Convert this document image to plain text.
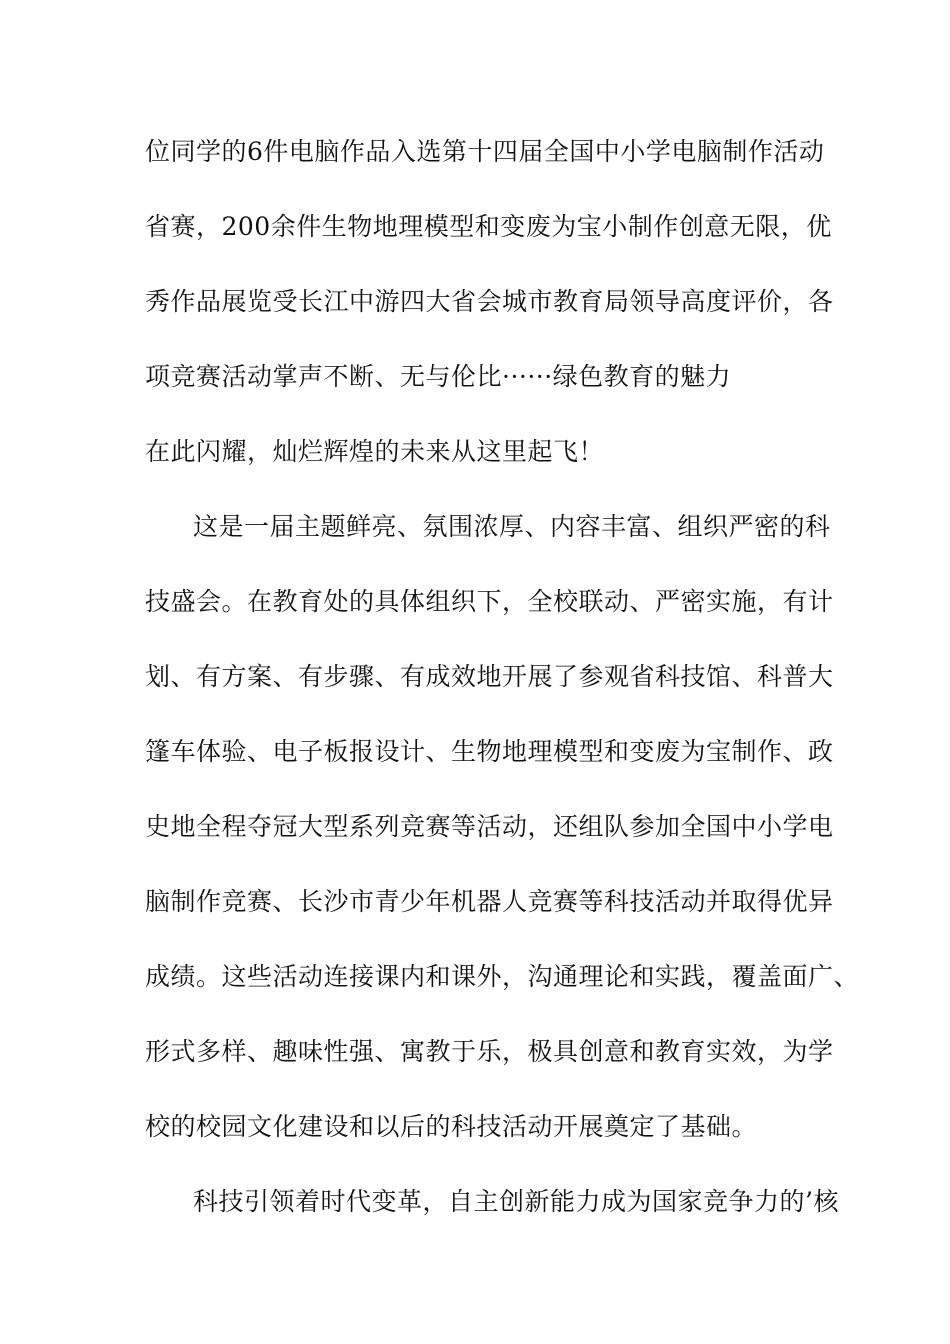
位同学的6件电脑作品入选第十四届全国中小学电脑制作活动
省赛，200余件生物地理模型和变废为宝小制作创意无限，优
秀作品展览受长江中游四大省会城市教育局领导高度评价，各
项竞赛活动掌声不断、无与伦比······绿色教育的魅力
在此闪耀，灿烂辉煌的未来从这里起飞！
这是一届主题鲜亮、氛围浓厚、内容丰富、组织严密的科
技盛会。在教育处的具体组织下，全校联动、严密实施，有计
划、有方案、有步骤、有成效地开展了参观省科技馆、科普大
篷车体验、电子板报设计、生物地理模型和变废为宝制作、政
史地全程夺冠大型系列竞赛等活动，还组队参加全国中小学电
脑制作竞赛、长沙市青少年机器人竞赛等科技活动并取得优异
成绩。这些活动连接课内和课外，沟通理论和实践，覆盖面广、
形式多样、趣味性强、寓教于乐，极具创意和教育实效，为学
校的校园文化建设和以后的科技活动开展奠定了基础。
科技引领着时代变革，自主创新能力成为国家竞争力的’核
